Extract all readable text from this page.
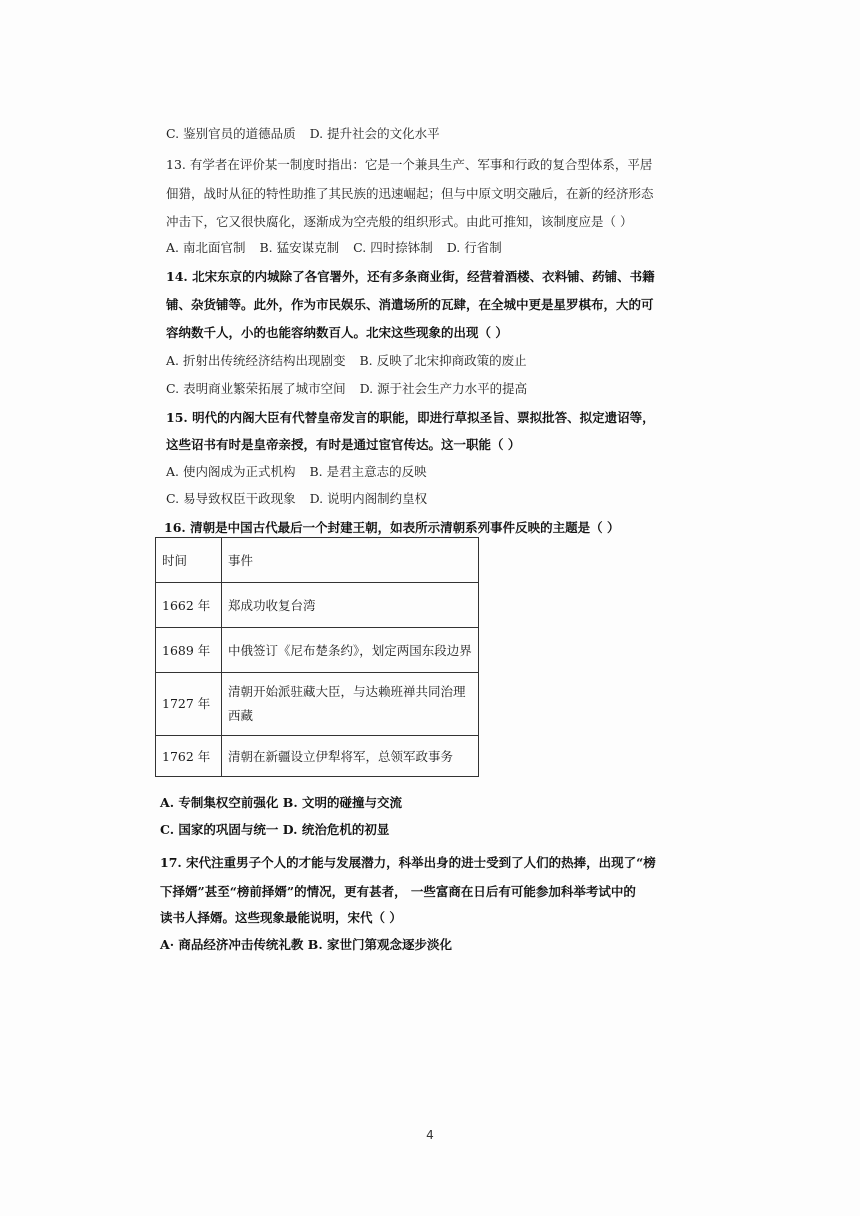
C. 鉴别官员的道德品质 D. 提升社会的文化水平
13. 有学者在评价某一制度时指出：它是一个兼具生产、军事和行政的复合型体系，平居
佃猎，战时从征的特性助推了其民族的迅速崛起；但与中原文明交融后，在新的经济形态
冲击下，它又很快腐化，逐渐成为空壳般的组织形式。由此可推知，该制度应是（ ）
A. 南北面官制 B. 猛安谋克制 C. 四时捺钵制 D. 行省制
14. 北宋东京的内城除了各官署外，还有多条商业街，经营着酒楼、衣料铺、药铺、书籍
铺、杂货铺等。此外，作为市民娱乐、消遣场所的瓦肆，在全城中更是星罗棋布，大的可
容纳数千人，小的也能容纳数百人。北宋这些现象的出现（ ）
A. 折射出传统经济结构出现剧变 B. 反映了北宋抑商政策的废止
C. 表明商业繁荣拓展了城市空间 D. 源于社会生产力水平的提高
15. 明代的内阁大臣有代替皇帝发言的职能，即进行草拟圣旨、票拟批答、拟定遗诏等，
这些诏书有时是皇帝亲授，有时是通过宦官传达。这一职能（ ）
A. 使内阁成为正式机构 B. 是君主意志的反映
C. 易导致权臣干政现象 D. 说明内阁制约皇权
16. 清朝是中国古代最后一个封建王朝，如表所示清朝系列事件反映的主题是（ ）
时间	事件
1662 年	郑成功收复台湾
1689 年	中俄签订《尼布楚条约》，划定两国东段边界
1727 年	清朝开始派驻藏大臣，与达赖班禅共同治理西藏
1762 年	清朝在新疆设立伊犁将军，总领军政事务
A. 专制集权空前强化 B. 文明的碰撞与交流
C. 国家的巩固与统一 D. 统治危机的初显
17. 宋代注重男子个人的才能与发展潜力，科举出身的进士受到了人们的热捧，出现了“榜
下择婿”甚至“榜前择婿”的情况，更有甚者， 一些富商在日后有可能参加科举考试中的
读书人择婿。这些现象最能说明，宋代（ ）
A· 商品经济冲击传统礼教 B. 家世门第观念逐步淡化
4
